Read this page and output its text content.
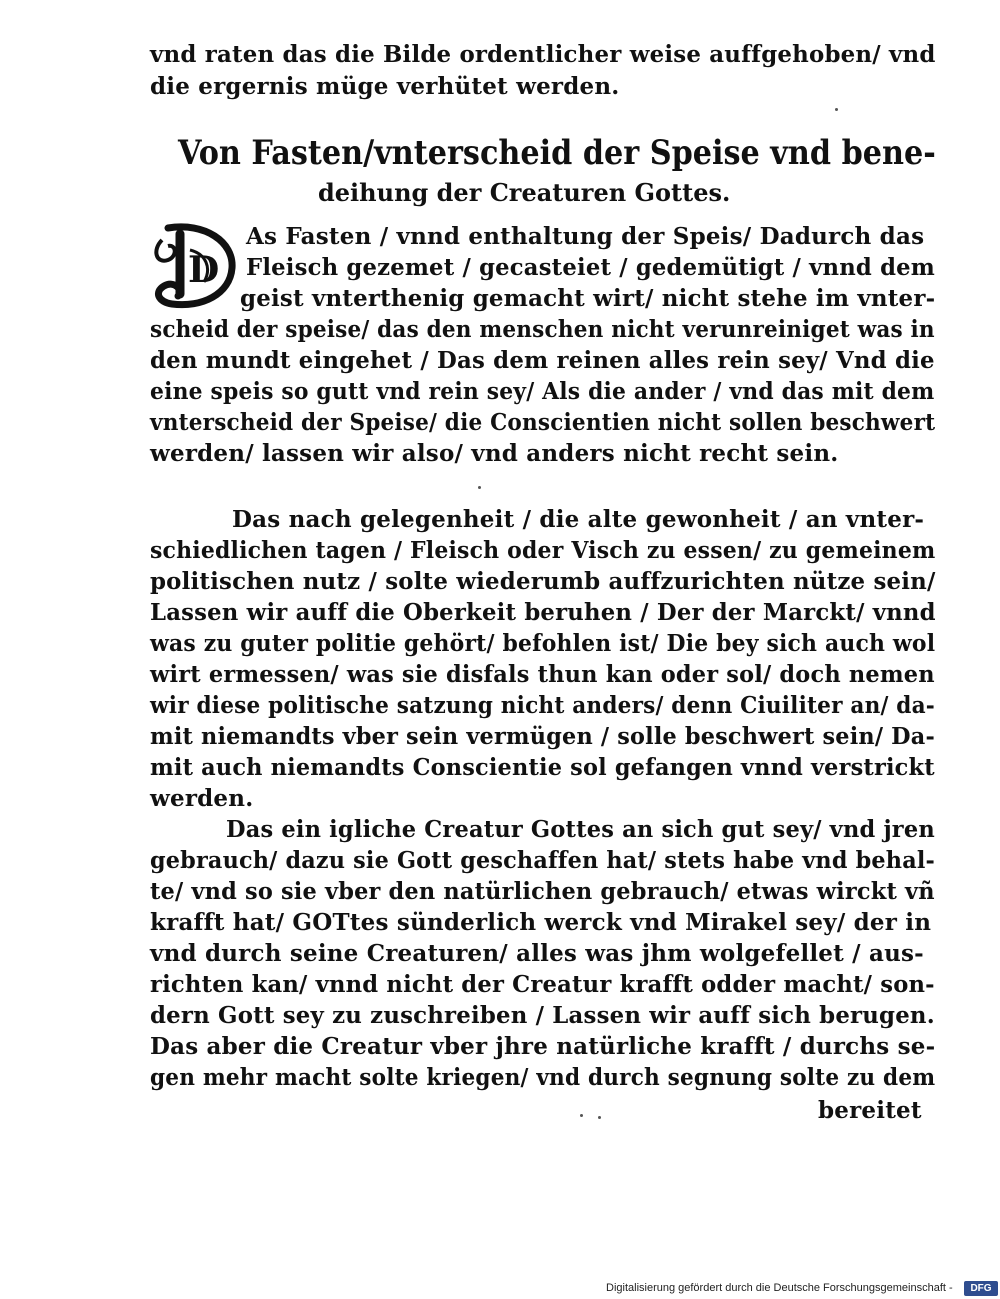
vnd raten das die Bilde ordentlicher weise auffgehoben/ vnd
die ergernis müge verhütet werden.
Von Fasten/vnterscheid der Speise vnd bene-
deihung der Creaturen Gottes.
D
As Fasten / vnnd enthaltung der Speis/ Dadurch das
Fleisch gezemet / gecasteiet / gedemütigt / vnnd dem
geist vnterthenig gemacht wirt/ nicht stehe im vnter-
scheid der speise/ das den menschen nicht verunreiniget was in
den mundt eingehet / Das dem reinen alles rein sey/ Vnd die
eine speis so gutt vnd rein sey/ Als die ander / vnd das mit dem
vnterscheid der Speise/ die Conscientien nicht sollen beschwert
werden/ lassen wir also/ vnd anders nicht recht sein.
Das nach gelegenheit / die alte gewonheit / an vnter-
schiedlichen tagen / Fleisch oder Visch zu essen/ zu gemeinem
politischen nutz / solte wiederumb auffzurichten nütze sein/
Lassen wir auff die Oberkeit beruhen / Der der Marckt/ vnnd
was zu guter politie gehört/ befohlen ist/ Die bey sich auch wol
wirt ermessen/ was sie disfals thun kan oder sol/ doch nemen
wir diese politische satzung nicht anders/ denn Ciuiliter an/ da-
mit niemandts vber sein vermügen / solle beschwert sein/ Da-
mit auch niemandts Conscientie sol gefangen vnnd verstrickt
werden.
Das ein igliche Creatur Gottes an sich gut sey/ vnd jren
gebrauch/ dazu sie Gott geschaffen hat/ stets habe vnd behal-
te/ vnd so sie vber den natürlichen gebrauch/ etwas wirckt vñ
krafft hat/ GOTtes sünderlich werck vnd Mirakel sey/ der in
vnd durch seine Creaturen/ alles was jhm wolgefellet / aus-
richten kan/ vnnd nicht der Creatur krafft odder macht/ son-
dern Gott sey zu zuschreiben / Lassen wir auff sich berugen.
Das aber die Creatur vber jhre natürliche krafft / durchs se-
gen mehr macht solte kriegen/ vnd durch segnung solte zu dem
bereitet
Digitalisierung gefördert durch die Deutsche Forschungsgemeinschaft -	DFG
